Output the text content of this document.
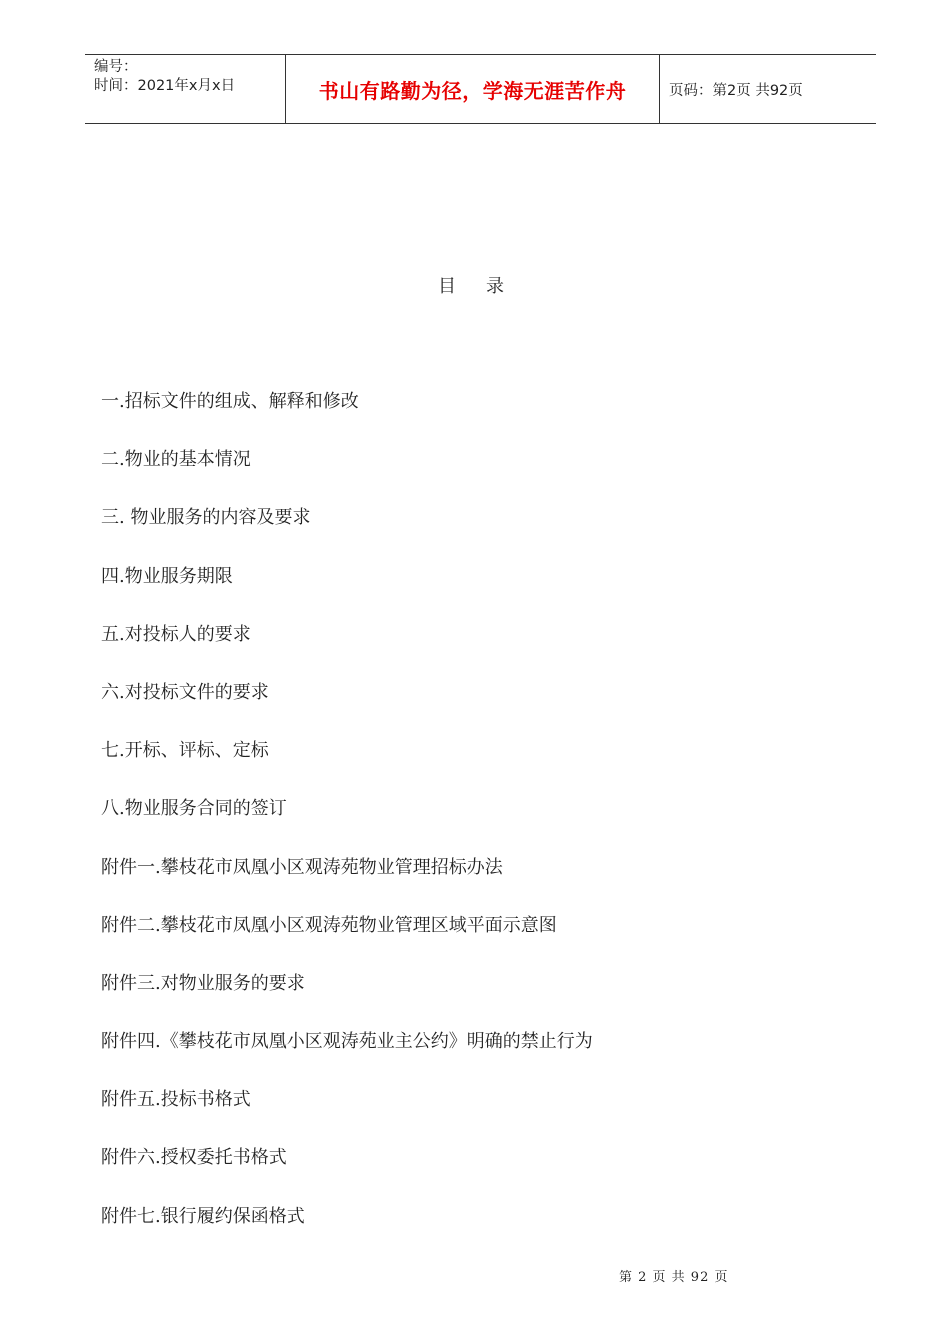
编号：
时间：2021年x月x日	书山有路勤为径，学海无涯苦作舟	页码：第2页 共92页
目录
一.招标文件的组成、解释和修改
二.物业的基本情况
三. 物业服务的内容及要求
四.物业服务期限
五.对投标人的要求
六.对投标文件的要求
七.开标、评标、定标
八.物业服务合同的签订
附件一.攀枝花市凤凰小区观涛苑物业管理招标办法
附件二.攀枝花市凤凰小区观涛苑物业管理区域平面示意图
附件三.对物业服务的要求
附件四.《攀枝花市凤凰小区观涛苑业主公约》明确的禁止行为
附件五.投标书格式
附件六.授权委托书格式
附件七.银行履约保函格式
第 2 页 共 92 页
